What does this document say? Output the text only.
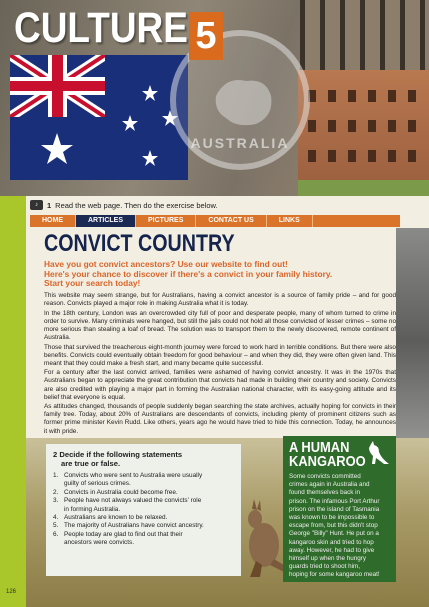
AUSTRALIA
CULTURE 5
♪	1 Read the web page. Then do the exercise below.
HOME	ARTICLES	PICTURES	CONTACT US	LINKS
CONVICT COUNTRY
Have you got convict ancestors? Use our website to find out!
Here's your chance to discover if there's a convict in your family history.
Start your search today!

This website may seem strange, but for Australians, having a convict ancestor is a source of family pride – and for good reason. Convicts played a major role in making Australia what it is today.

In the 18th century, London was an overcrowded city full of poor and desperate people, many of whom turned to crime in order to survive. Many criminals were hanged, but still the jails could not hold all those convicted of lesser crimes – some no more serious than stealing a loaf of bread. The solution was to transport them to the newly discovered, remote continent of Australia.

Those that survived the treacherous eight-month journey were forced to work hard in terrible conditions. But there were also benefits. Convicts could eventually obtain freedom for good behaviour – and when they did, they were often given land. This meant that they could make a fresh start, and many became quite successful.

For a century after the last convict arrived, families were ashamed of having convict ancestry. It was in the 1970s that Australians began to appreciate the great contribution that convicts had made in building their country and society. Convicts are also credited with playing a major part in forming the Australian national character, with its easy-going attitude and its belief that everyone is equal.

As attitudes changed, thousands of people suddenly began searching the state archives, actually hoping for convicts in their family tree. Today, about 20% of Australians are descendants of convicts, including plenty of prominent citizens such as former prime minister Kevin Rudd. Like others, years ago he would have tried to hide this connection. Today, he announces it with pride.

2 Decide if the following statements
are true or false.
1. Convicts who were sent to Australia were usually
guilty of serious crimes.
2. Convicts in Australia could become free.
3. People have not always valued the convicts' role
in forming Australia.
4. Australians are known to be relaxed.
5. The majority of Australians have convict ancestry.
6. People today are glad to find out that their
ancestors were convicts.
A HUMAN
KANGAROO
Some convicts committed
crimes again in Australia and
found themselves back in
prison. The infamous Port Arthur
prison on the island of Tasmania
was known to be impossible to
escape from, but this didn't stop
George "Billy" Hunt. He put on a
kangaroo skin and tried to hop
away. However, he had to give
himself up when the hungry
guards tried to shoot him,
hoping for some kangaroo meat!
126
